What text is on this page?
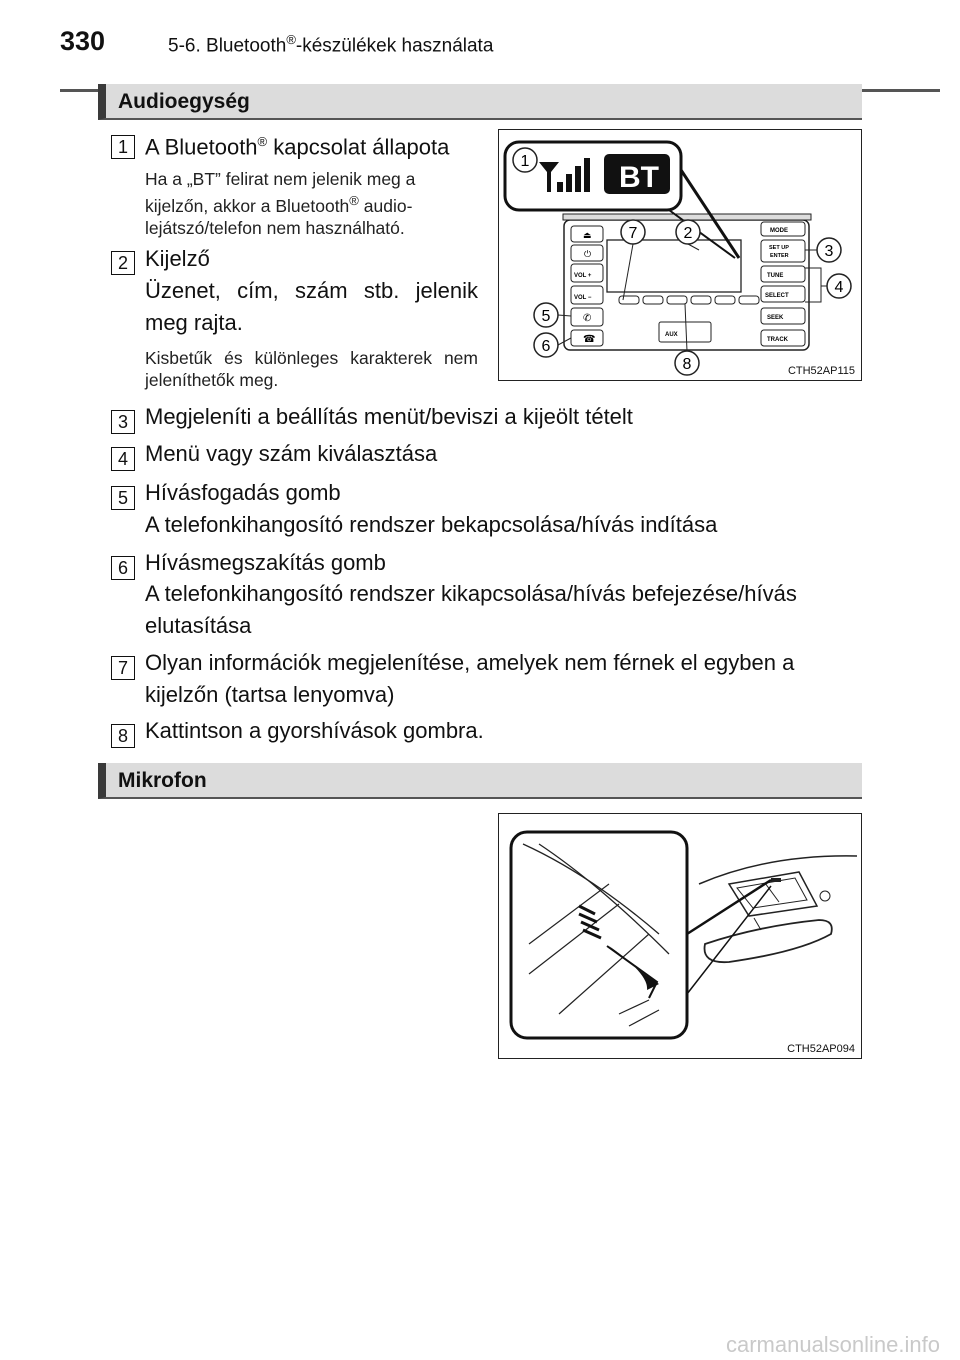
330	5-6. Bluetooth®-készülékek használata
Audioegység
1 A Bluetooth® kapcsolat állapota
Ha a „BT” felirat nem jelenik meg a
kijelzőn, akkor a Bluetooth® audio-
lejátszó/telefon nem használható.
2 Kijelző
Üzenet, cím, szám stb. jelenik meg rajta.
Kisbetűk és különleges karakterek nem jeleníthetők meg.
⏏
⏻
VOL +
VOL −
✆
☎
MODE
SET UP
ENTER
TUNE
SELECT
SEEK
TRACK
AUX
BT
1
2
3
4
5
6
7
8	CTH52AP115
3 Megjeleníti a beállítás menüt/beviszi a kijeölt tételt
4 Menü vagy szám kiválasztása
5 Hívásfogadás gomb
A telefonkihangosító rendszer bekapcsolása/hívás indítása
6 Hívásmegszakítás gomb
A telefonkihangosító rendszer kikapcsolása/hívás befejezése/hívás elutasítása
7 Olyan információk megjelenítése, amelyek nem férnek el egyben a kijelzőn (tartsa lenyomva)
8 Kattintson a gyorshívások gombra.
Mikrofon
CTH52AP094
carmanualsonline.info
